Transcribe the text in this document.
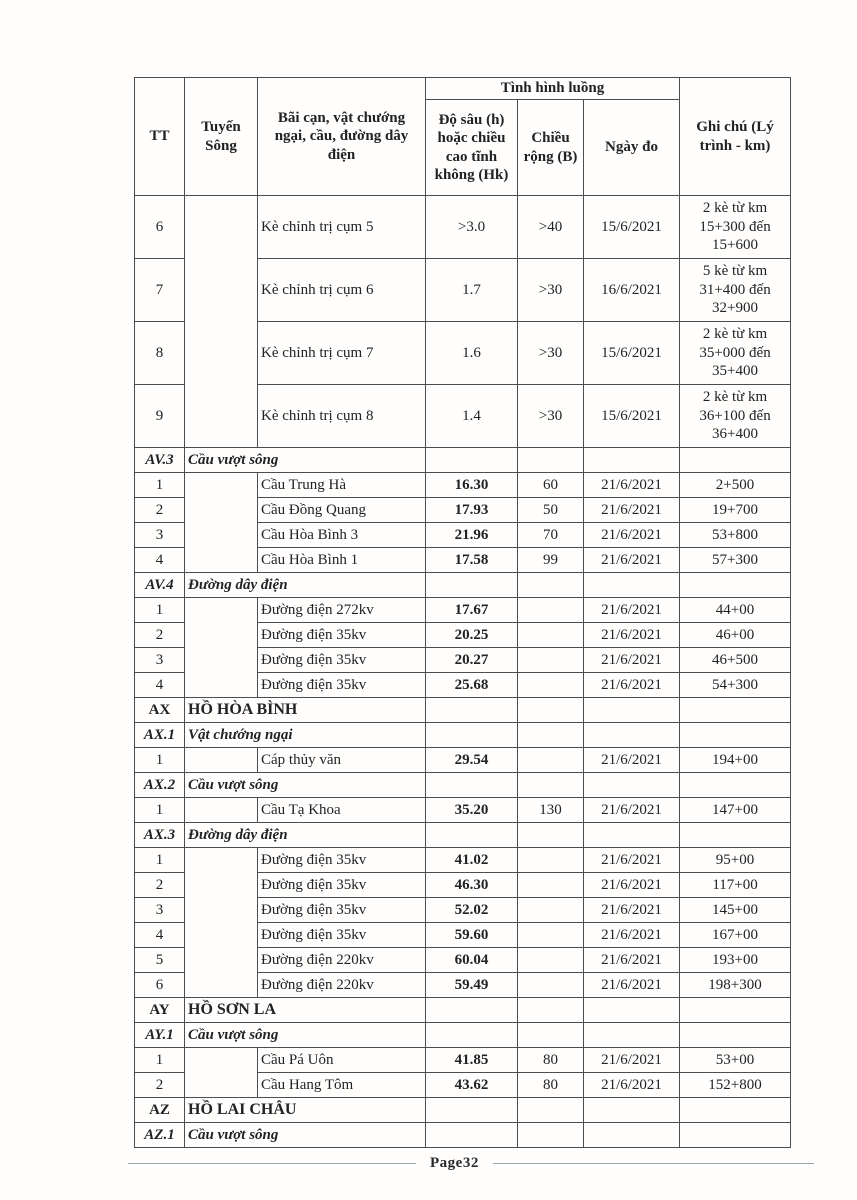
TT	Tuyến Sông	Bãi cạn, vật chướng ngại, cầu, đường dây điện	Tình hình luồng			Ghi chú (Lý trình - km)
			Độ sâu (h) hoặc chiều cao tĩnh không (Hk)	Chiều rộng (B)	Ngày đo	
6		Kè chỉnh trị cụm 5	>3.0	>40	15/6/2021	2 kè từ km 15+300 đến 15+600
7		Kè chỉnh trị cụm 6	1.7	>30	16/6/2021	5 kè từ km 31+400 đến 32+900
8		Kè chỉnh trị cụm 7	1.6	>30	15/6/2021	2 kè từ km 35+000 đến 35+400
9		Kè chỉnh trị cụm 8	1.4	>30	15/6/2021	2 kè từ km 36+100 đến 36+400
AV.3	Cầu vượt sông					
1		Cầu Trung Hà	16.30	60	21/6/2021	2+500
2		Cầu Đồng Quang	17.93	50	21/6/2021	19+700
3		Cầu Hòa Bình 3	21.96	70	21/6/2021	53+800
4		Cầu Hòa Bình 1	17.58	99	21/6/2021	57+300
AV.4	Đường dây điện					
1		Đường điện 272kv	17.67		21/6/2021	44+00
2		Đường điện 35kv	20.25		21/6/2021	46+00
3		Đường điện 35kv	20.27		21/6/2021	46+500
4		Đường điện 35kv	25.68		21/6/2021	54+300
AX	HỒ HÒA BÌNH					
AX.1	Vật chướng ngại					
1		Cáp thủy văn	29.54		21/6/2021	194+00
AX.2	Cầu vượt sông					
1		Cầu Tạ Khoa	35.20	130	21/6/2021	147+00
AX.3	Đường dây điện					
1		Đường điện 35kv	41.02		21/6/2021	95+00
2		Đường điện 35kv	46.30		21/6/2021	117+00
3		Đường điện 35kv	52.02		21/6/2021	145+00
4		Đường điện 35kv	59.60		21/6/2021	167+00
5		Đường điện 220kv	60.04		21/6/2021	193+00
6		Đường điện 220kv	59.49		21/6/2021	198+300
AY	HỒ SƠN LA					
AY.1	Cầu vượt sông					
1		Cầu Pá Uôn	41.85	80	21/6/2021	53+00
2		Cầu Hang Tôm	43.62	80	21/6/2021	152+800
AZ	HỒ LAI CHÂU					
AZ.1	Cầu vượt sông					
Page32
